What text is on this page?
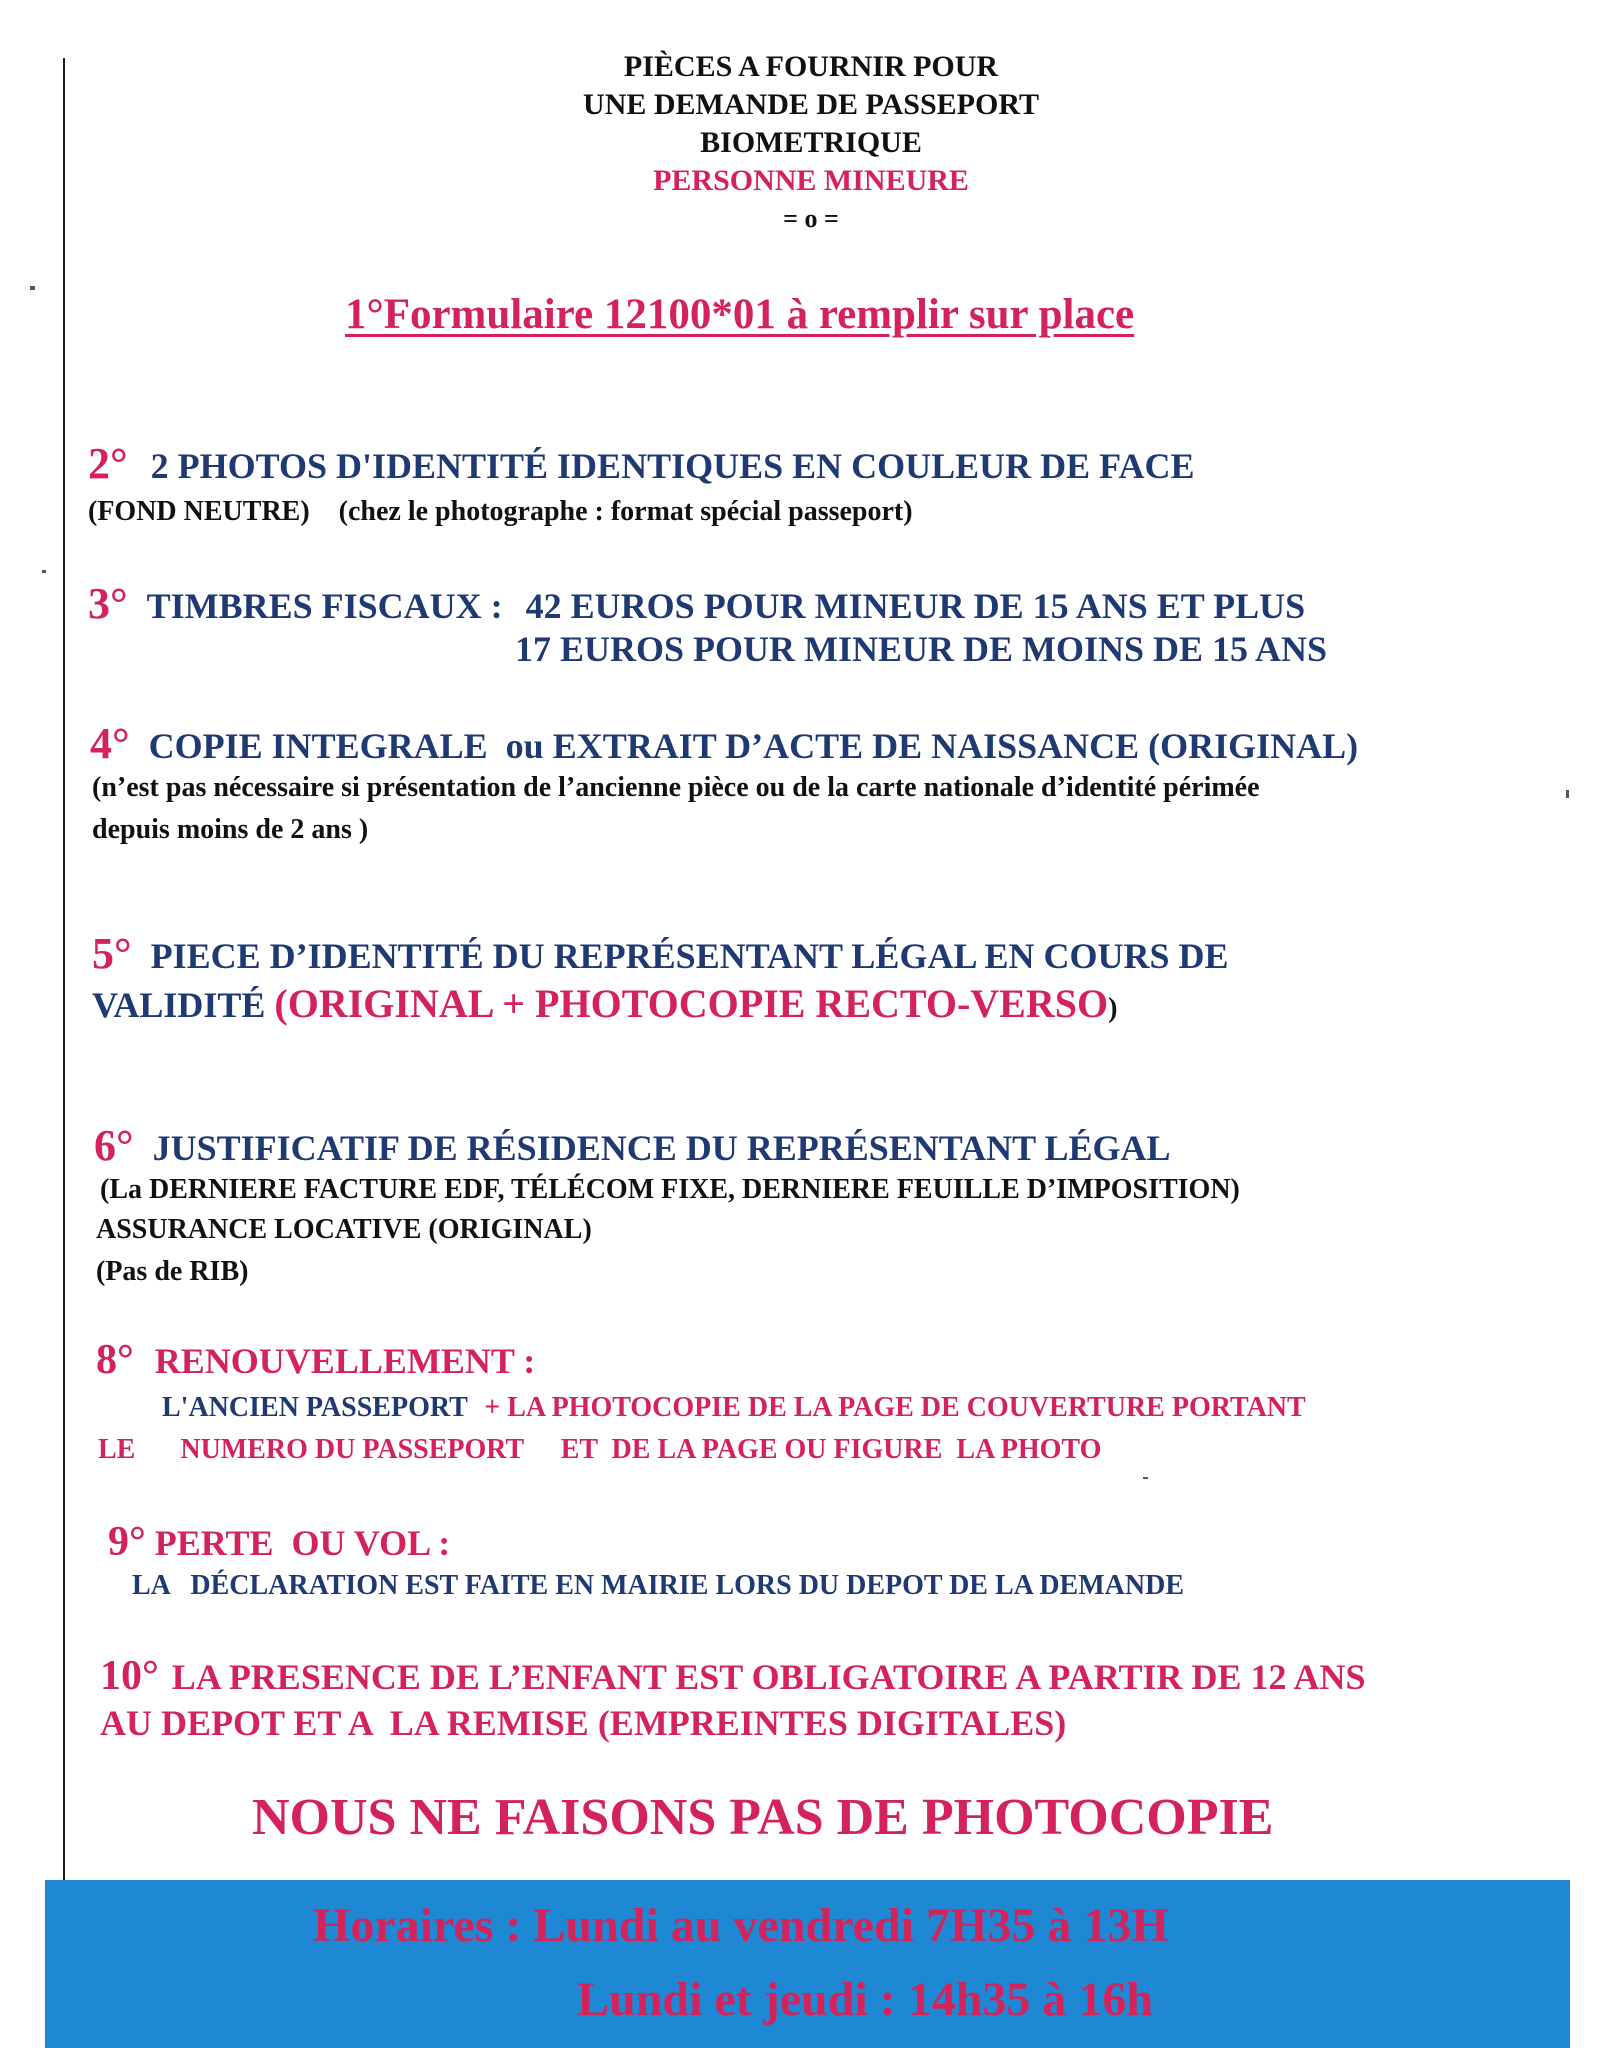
PIÈCES A FOURNIR POUR
UNE DEMANDE DE PASSEPORT
BIOMETRIQUE
PERSONNE MINEURE
= o =
1°Formulaire 12100*01 à remplir sur place
2° 2 PHOTOS D'IDENTITÉ IDENTIQUES EN COULEUR DE FACE
(FOND NEUTRE) (chez le photographe : format spécial passeport)
3° TIMBRES FISCAUX : 42 EUROS POUR MINEUR DE 15 ANS ET PLUS
17 EUROS POUR MINEUR DE MOINS DE 15 ANS
4° COPIE INTEGRALE  ou EXTRAIT D’ACTE DE NAISSANCE (ORIGINAL)
(n’est pas nécessaire si présentation de l’ancienne pièce ou de la carte nationale d’identité périmée
depuis moins de 2 ans )
5° PIECE D’IDENTITÉ DU REPRÉSENTANT LÉGAL EN COURS DE
VALIDITÉ (ORIGINAL + PHOTOCOPIE RECTO-VERSO)
6° JUSTIFICATIF DE RÉSIDENCE DU REPRÉSENTANT LÉGAL
(La DERNIERE FACTURE EDF, TÉLÉCOM FIXE, DERNIERE FEUILLE D’IMPOSITION)
ASSURANCE LOCATIVE (ORIGINAL)
(Pas de RIB)
8° RENOUVELLEMENT :
L'ANCIEN PASSEPORT + LA PHOTOCOPIE DE LA PAGE DE COUVERTURE PORTANT
LE NUMERO DU PASSEPORT ET  DE LA PAGE OU FIGURE  LA PHOTO
9° PERTE  OU VOL :
LA   DÉCLARATION EST FAITE EN MAIRIE LORS DU DEPOT DE LA DEMANDE
10° LA PRESENCE DE L’ENFANT EST OBLIGATOIRE A PARTIR DE 12 ANS
AU DEPOT ET A  LA REMISE (EMPREINTES DIGITALES)
NOUS NE FAISONS PAS DE PHOTOCOPIE
Horaires : Lundi au vendredi 7H35 à 13H
Lundi et jeudi : 14h35 à 16h
